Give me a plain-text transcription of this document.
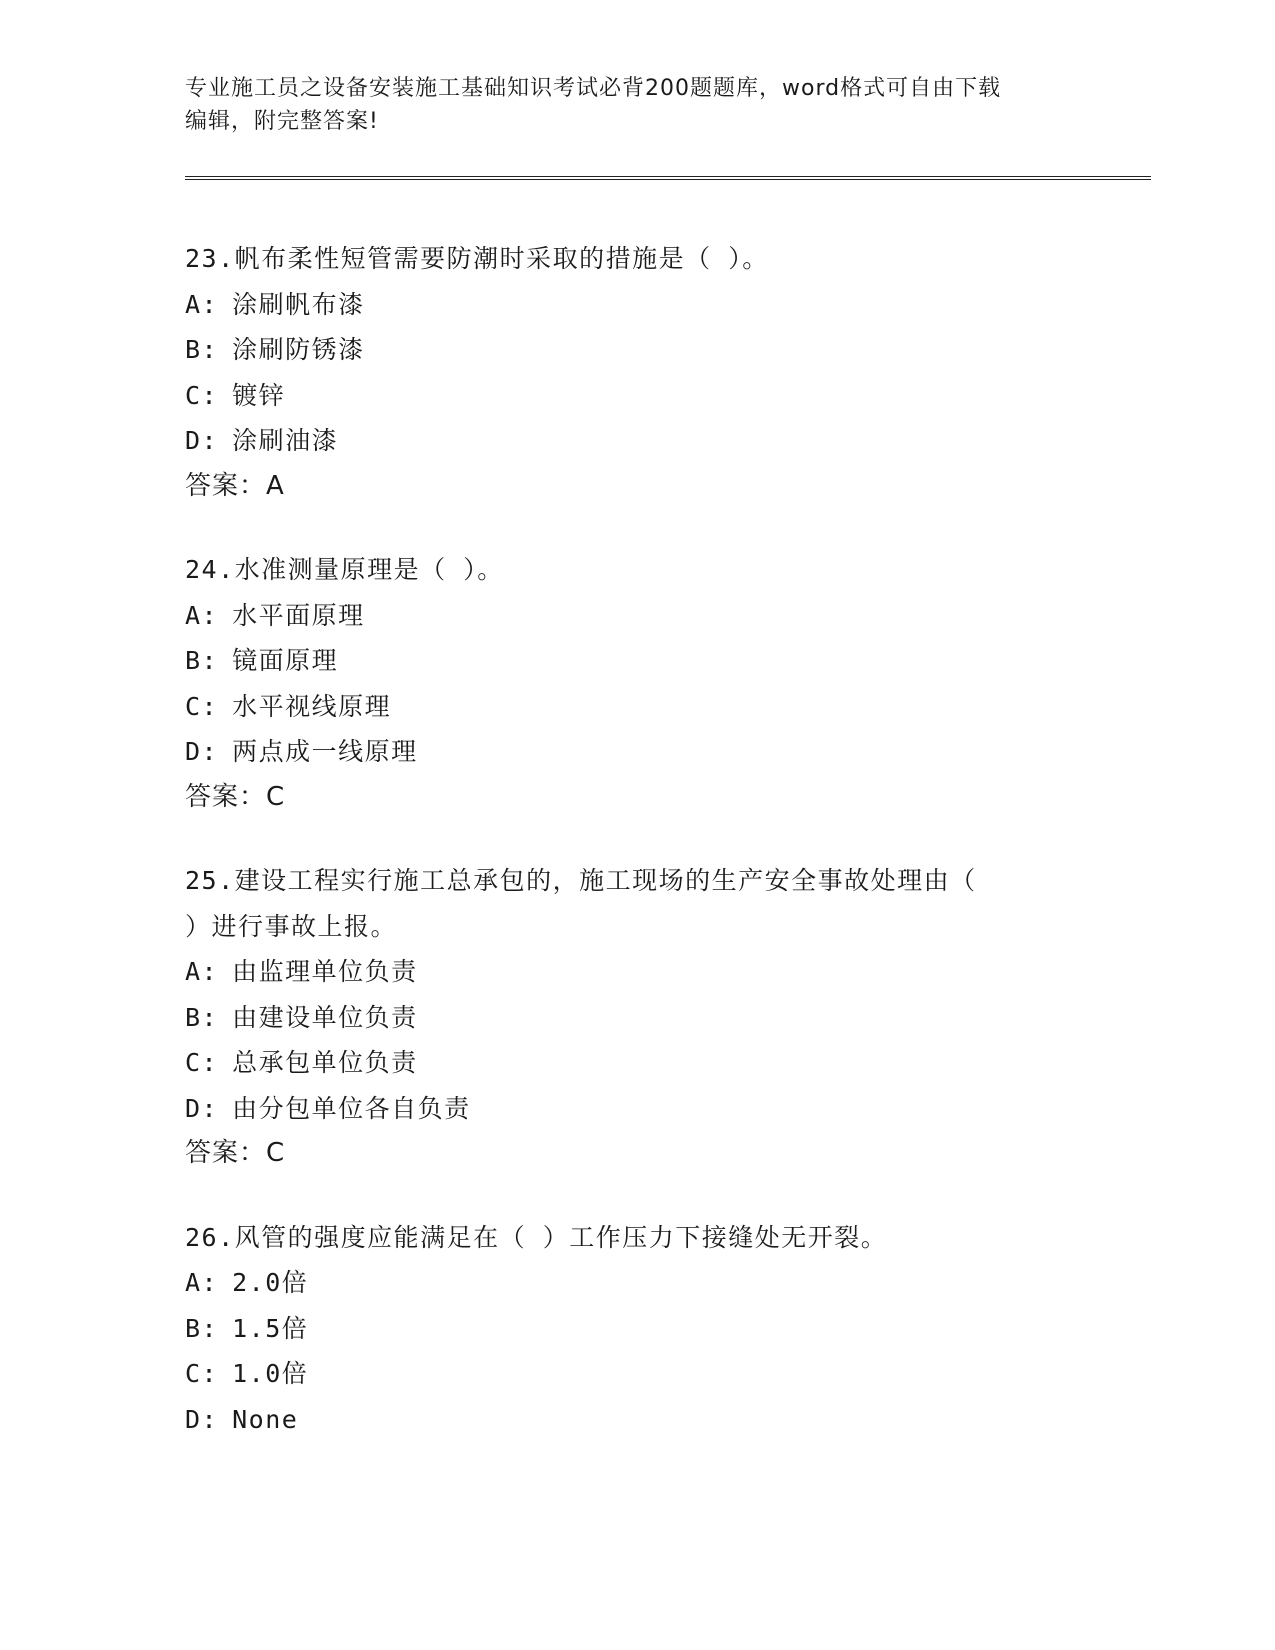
专业施工员之设备安装施工基础知识考试必背200题题库，word格式可自由下载
编辑，附完整答案!
23.帆布柔性短管需要防潮时采取的措施是（ ）。
A: 涂刷帆布漆
B: 涂刷防锈漆
C: 镀锌
D: 涂刷油漆
答案：A
24.水准测量原理是（ ）。
A: 水平面原理
B: 镜面原理
C: 水平视线原理
D: 两点成一线原理
答案：C
25.建设工程实行施工总承包的，施工现场的生产安全事故处理由（
）进行事故上报。
A: 由监理单位负责
B: 由建设单位负责
C: 总承包单位负责
D: 由分包单位各自负责
答案：C
26.风管的强度应能满足在（ ）工作压力下接缝处无开裂。
A: 2.0倍
B: 1.5倍
C: 1.0倍
D: None
